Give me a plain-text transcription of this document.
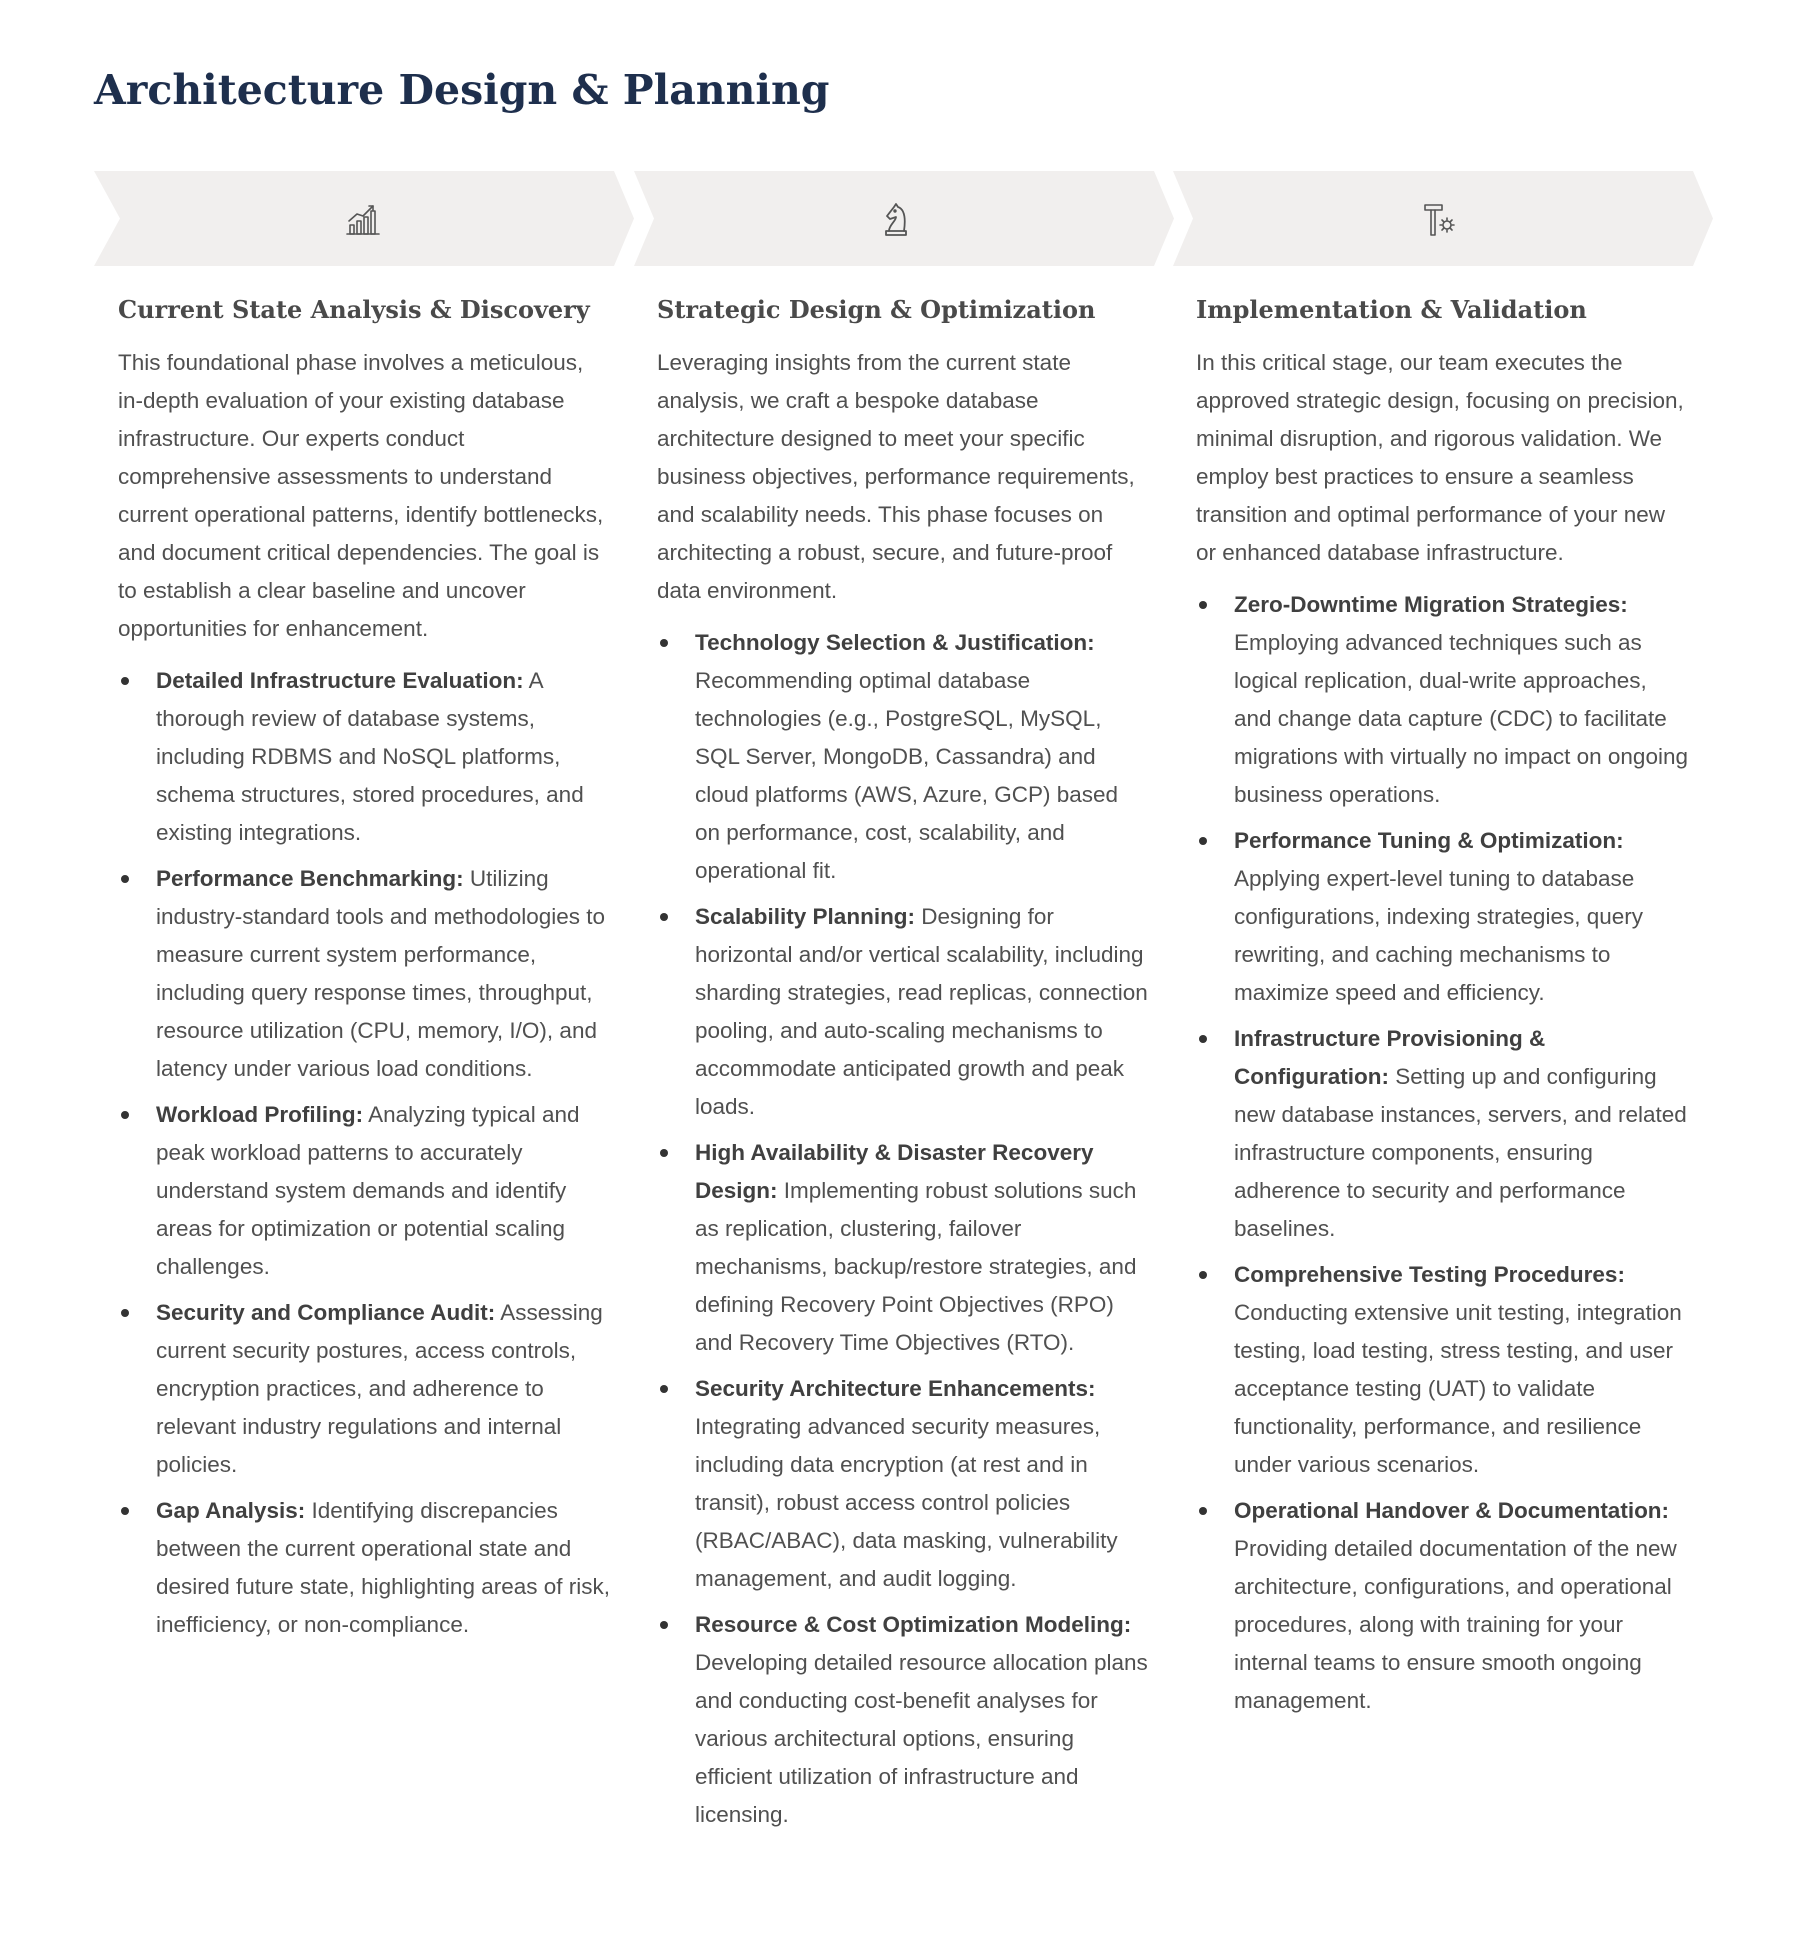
Architecture Design & Planning
Current State Analysis & Discovery

This foundational phase involves a meticulous, in-depth evaluation of your existing database infrastructure. Our experts conduct comprehensive assessments to understand current operational patterns, identify bottlenecks, and document critical dependencies. The goal is to establish a clear baseline and uncover opportunities for enhancement.

Detailed Infrastructure Evaluation: A thorough review of database systems, including RDBMS and NoSQL platforms, schema structures, stored procedures, and existing integrations.
Performance Benchmarking: Utilizing industry-standard tools and methodologies to measure current system performance, including query response times, throughput, resource utilization (CPU, memory, I/O), and latency under various load conditions.
Workload Profiling: Analyzing typical and peak workload patterns to accurately understand system demands and identify areas for optimization or potential scaling challenges.
Security and Compliance Audit: Assessing current security postures, access controls, encryption practices, and adherence to relevant industry regulations and internal policies.
Gap Analysis: Identifying discrepancies between the current operational state and desired future state, highlighting areas of risk, inefficiency, or non-compliance.
Strategic Design & Optimization

Leveraging insights from the current state analysis, we craft a bespoke database architecture designed to meet your specific business objectives, performance requirements, and scalability needs. This phase focuses on architecting a robust, secure, and future-proof data environment.

Technology Selection & Justification: Recommending optimal database technologies (e.g., PostgreSQL, MySQL, SQL Server, MongoDB, Cassandra) and cloud platforms (AWS, Azure, GCP) based on performance, cost, scalability, and operational fit.
Scalability Planning: Designing for horizontal and/or vertical scalability, including sharding strategies, read replicas, connection pooling, and auto-scaling mechanisms to accommodate anticipated growth and peak loads.
High Availability & Disaster Recovery Design: Implementing robust solutions such as replication, clustering, failover mechanisms, backup/restore strategies, and defining Recovery Point Objectives (RPO) and Recovery Time Objectives (RTO).
Security Architecture Enhancements: Integrating advanced security measures, including data encryption (at rest and in transit), robust access control policies (RBAC/ABAC), data masking, vulnerability management, and audit logging.
Resource & Cost Optimization Modeling: Developing detailed resource allocation plans and conducting cost-benefit analyses for various architectural options, ensuring efficient utilization of infrastructure and licensing.
Implementation & Validation

In this critical stage, our team executes the approved strategic design, focusing on precision, minimal disruption, and rigorous validation. We employ best practices to ensure a seamless transition and optimal performance of your new or enhanced database infrastructure.

Zero-Downtime Migration Strategies: Employing advanced techniques such as logical replication, dual-write approaches, and change data capture (CDC) to facilitate migrations with virtually no impact on ongoing business operations.
Performance Tuning & Optimization: Applying expert-level tuning to database configurations, indexing strategies, query rewriting, and caching mechanisms to maximize speed and efficiency.
Infrastructure Provisioning & Configuration: Setting up and configuring new database instances, servers, and related infrastructure components, ensuring adherence to security and performance baselines.
Comprehensive Testing Procedures: Conducting extensive unit testing, integration testing, load testing, stress testing, and user acceptance testing (UAT) to validate functionality, performance, and resilience under various scenarios.
Operational Handover & Documentation: Providing detailed documentation of the new architecture, configurations, and operational procedures, along with training for your internal teams to ensure smooth ongoing management.
